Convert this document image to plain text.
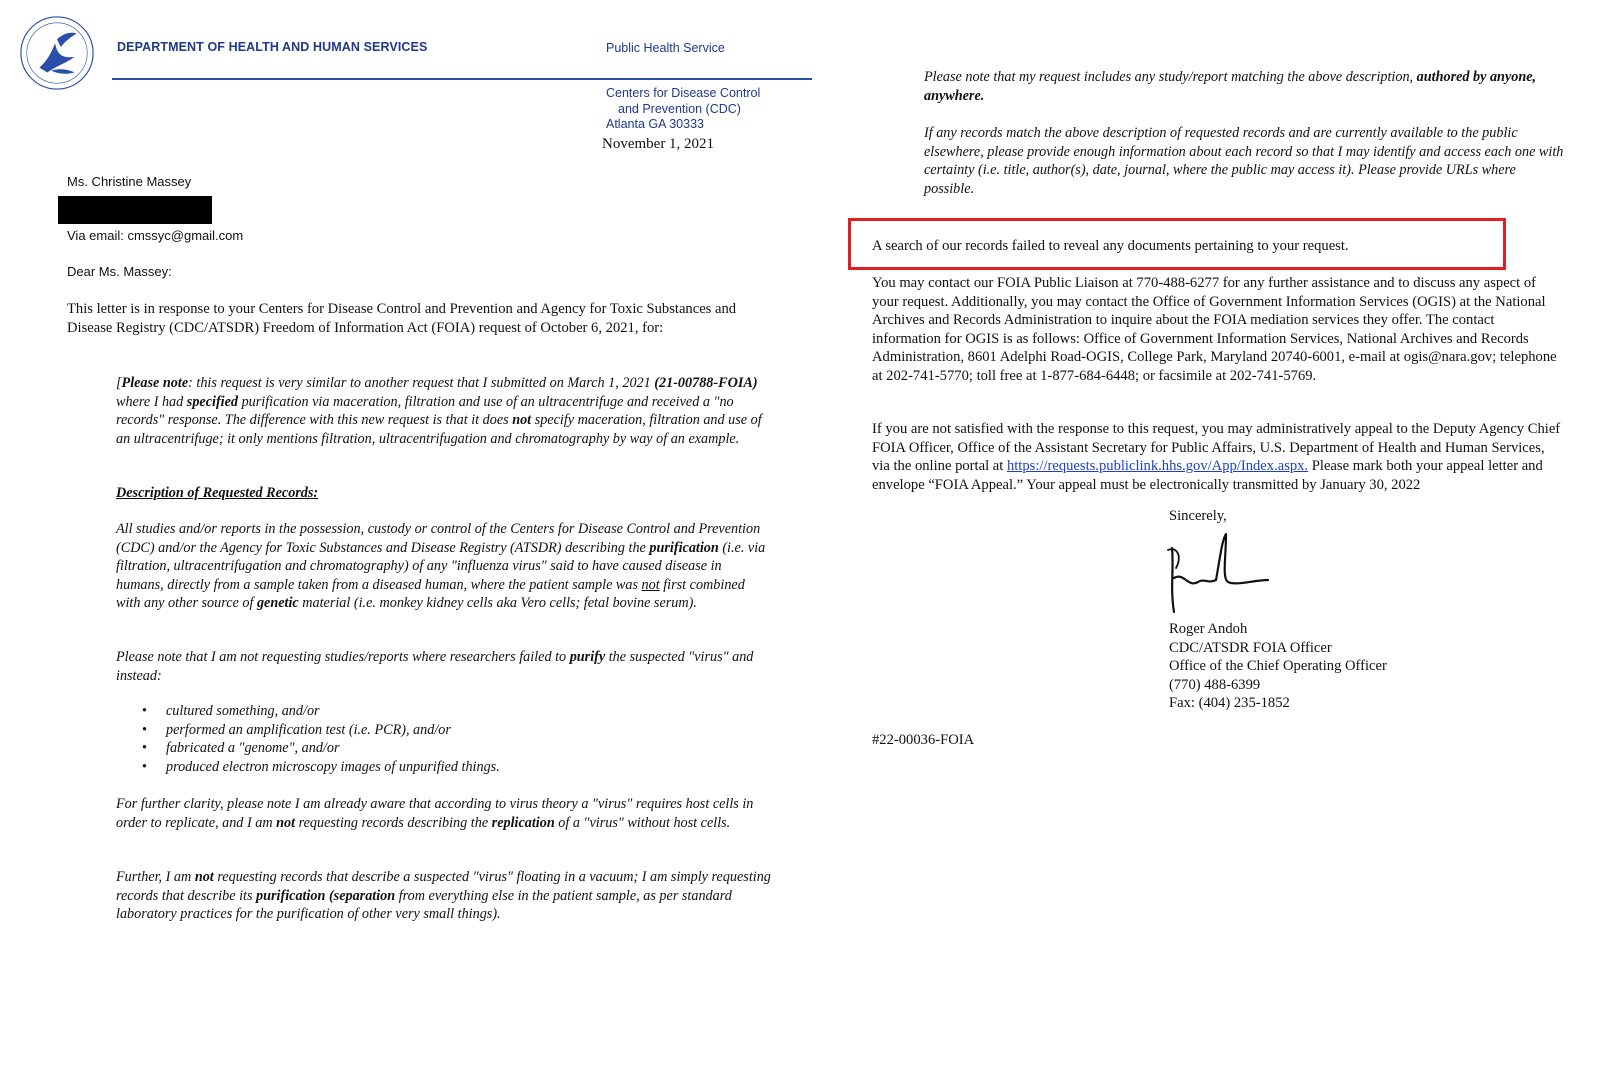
DEPARTMENT OF HEALTH AND HUMAN SERVICES	Public Health Service
Centers for Disease Control
and Prevention (CDC)
Atlanta GA 30333
November 1, 2021
Ms. Christine Massey
Via email: cmssyc@gmail.com
Dear Ms. Massey:
This letter is in response to your Centers for Disease Control and Prevention and Agency for Toxic Substances and Disease Registry (CDC/ATSDR) Freedom of Information Act (FOIA) request of October 6, 2021, for:
[Please note: this request is very similar to another request that I submitted on March 1, 2021 (21-00788-FOIA) where I had specified purification via maceration, filtration and use of an ultracentrifuge and received a "no records" response. The difference with this new request is that it does not specify maceration, filtration and use of an ultracentrifuge; it only mentions filtration, ultracentrifugation and chromatography by way of an example.
Description of Requested Records:
All studies and/or reports in the possession, custody or control of the Centers for Disease Control and Prevention (CDC) and/or the Agency for Toxic Substances and Disease Registry (ATSDR) describing the purification (i.e. via filtration, ultracentrifugation and chromatography) of any "influenza virus" said to have caused disease in humans, directly from a sample taken from a diseased human, where the patient sample was not first combined with any other source of genetic material (i.e. monkey kidney cells aka Vero cells; fetal bovine serum).
Please note that I am not requesting studies/reports where researchers failed to purify the suspected "virus" and instead:
• cultured something, and/or
• performed an amplification test (i.e. PCR), and/or
• fabricated a "genome", and/or
• produced electron microscopy images of unpurified things.
For further clarity, please note I am already aware that according to virus theory a "virus" requires host cells in order to replicate, and I am not requesting records describing the replication of a "virus" without host cells.
Further, I am not requesting records that describe a suspected "virus" floating in a vacuum; I am simply requesting records that describe its purification (separation from everything else in the patient sample, as per standard laboratory practices for the purification of other very small things).
Please note that my request includes any study/report matching the above description, authored by anyone, anywhere.
If any records match the above description of requested records and are currently available to the public elsewhere, please provide enough information about each record so that I may identify and access each one with certainty (i.e. title, author(s), date, journal, where the public may access it). Please provide URLs where possible.
A search of our records failed to reveal any documents pertaining to your request.
You may contact our FOIA Public Liaison at 770-488-6277 for any further assistance and to discuss any aspect of your request. Additionally, you may contact the Office of Government Information Services (OGIS) at the National Archives and Records Administration to inquire about the FOIA mediation services they offer. The contact information for OGIS is as follows: Office of Government Information Services, National Archives and Records Administration, 8601 Adelphi Road-OGIS, College Park, Maryland 20740-6001, e-mail at ogis@nara.gov; telephone at 202-741-5770; toll free at 1-877-684-6448; or facsimile at 202-741-5769.
If you are not satisfied with the response to this request, you may administratively appeal to the Deputy Agency Chief FOIA Officer, Office of the Assistant Secretary for Public Affairs, U.S. Department of Health and Human Services, via the online portal at https://requests.publiclink.hhs.gov/App/Index.aspx. Please mark both your appeal letter and envelope “FOIA Appeal.” Your appeal must be electronically transmitted by January 30, 2022
Sincerely,
Roger Andoh
CDC/ATSDR FOIA Officer
Office of the Chief Operating Officer
(770) 488-6399
Fax: (404) 235-1852
#22-00036-FOIA
